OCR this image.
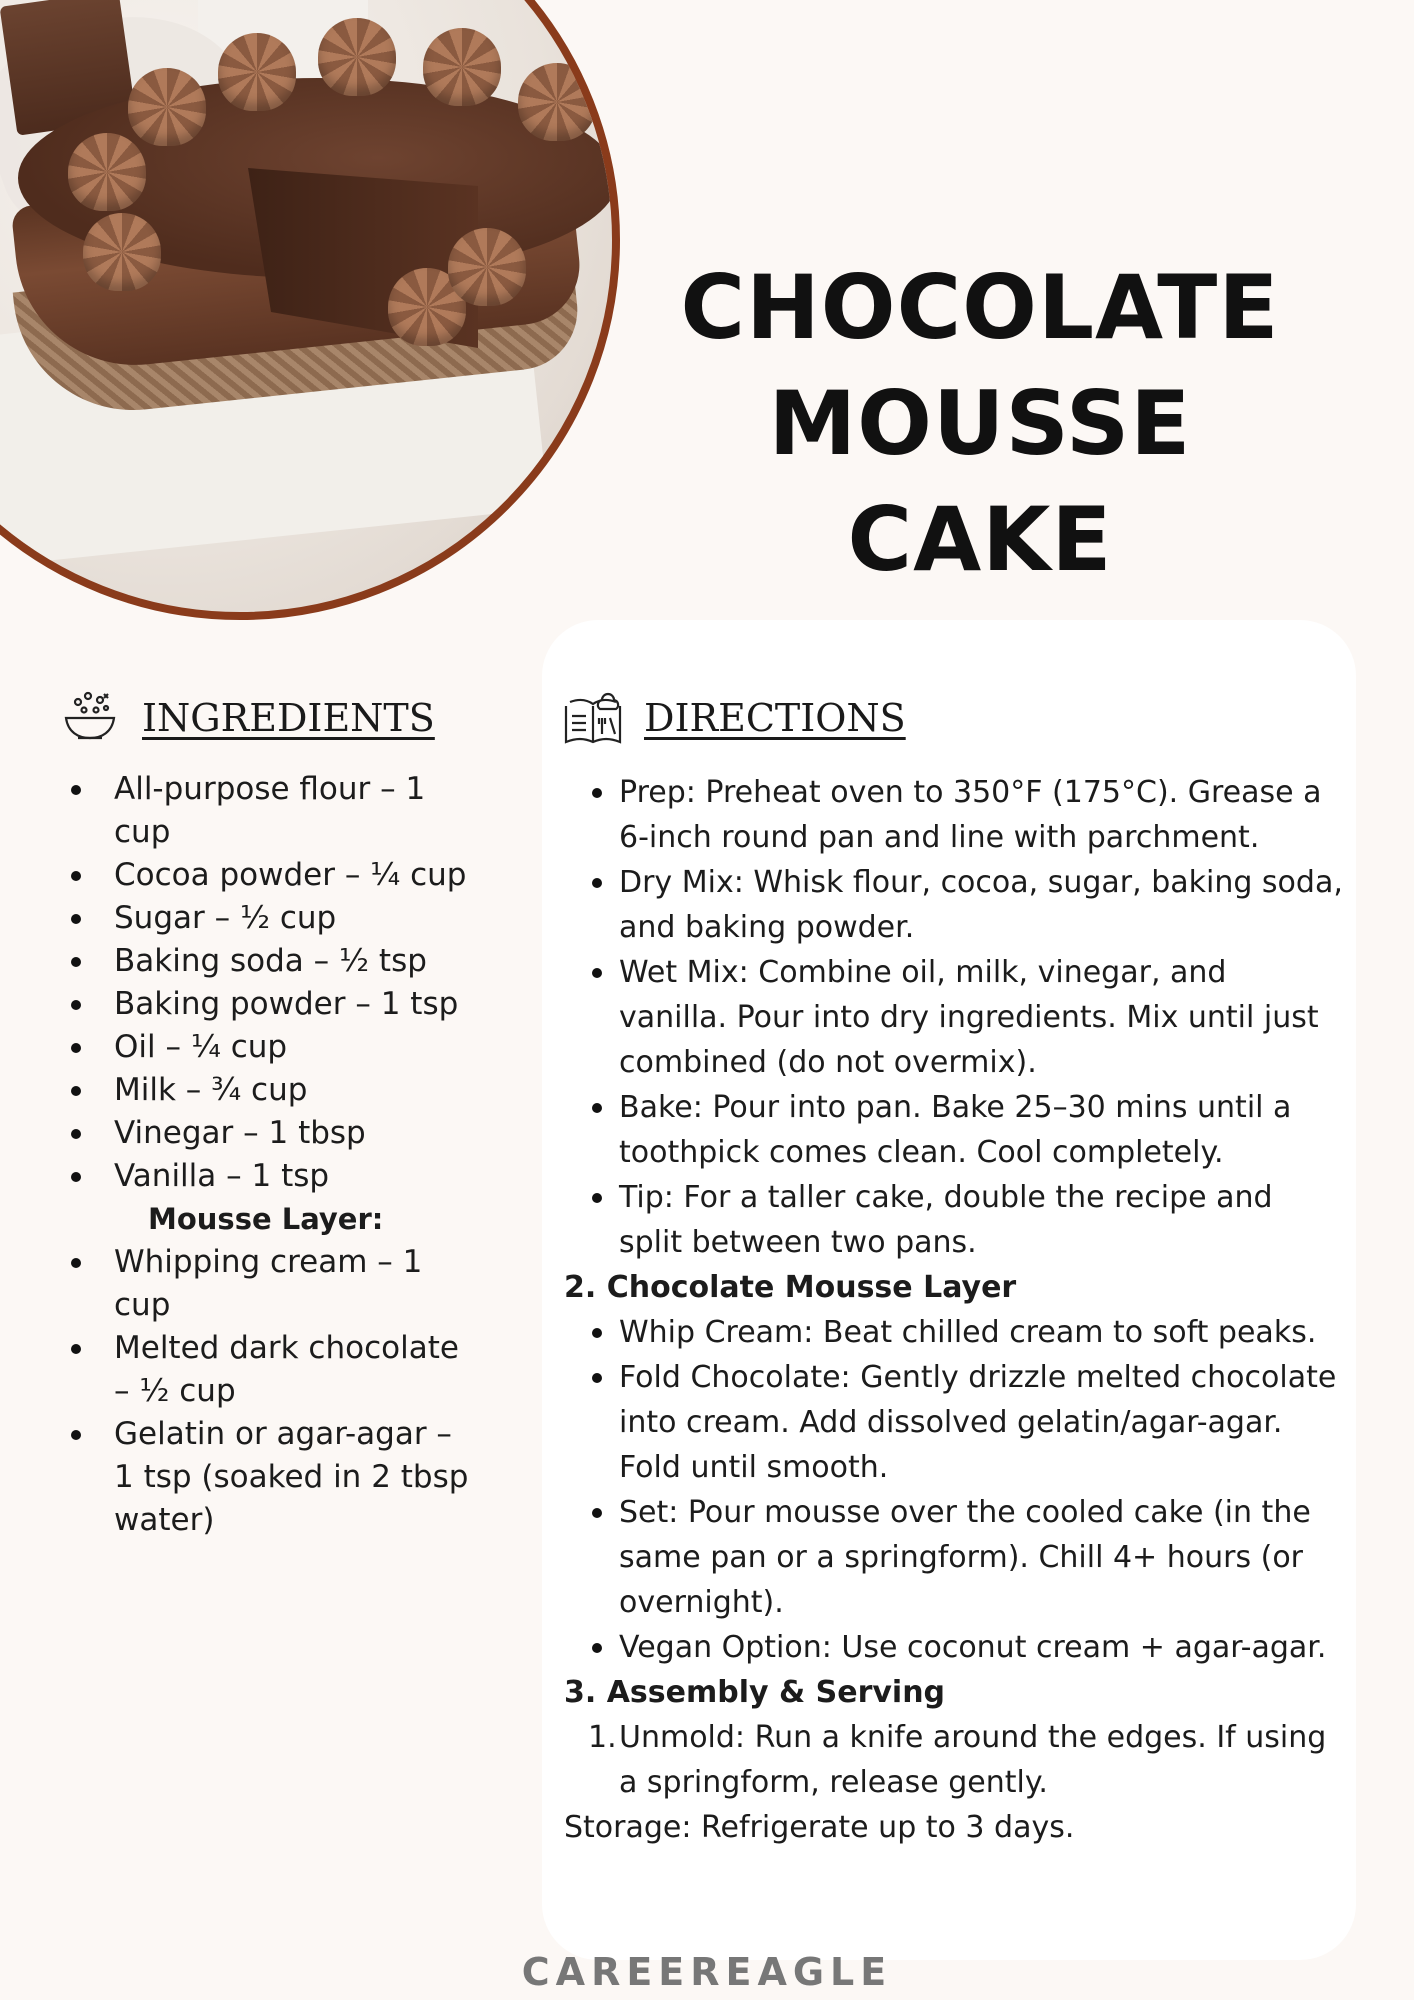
CHOCOLATE MOUSSE
CAKE
INGREDIENTS
All-purpose flour – 1 cup
Cocoa powder – ¼ cup
Sugar – ½ cup
Baking soda – ½ tsp
Baking powder – 1 tsp
Oil – ¼ cup
Milk – ¾ cup
Vinegar – 1 tbsp
Vanilla – 1 tsp
Mousse Layer:
Whipping cream – 1 cup
Melted dark chocolate – ½ cup
Gelatin or agar-agar – 1 tsp (soaked in 2 tbsp water)
DIRECTIONS
Prep: Preheat oven to 350°F (175°C). Grease a 6-inch round pan and line with parchment.
Dry Mix: Whisk flour, cocoa, sugar, baking soda, and baking powder.
Wet Mix: Combine oil, milk, vinegar, and vanilla. Pour into dry ingredients. Mix until just combined (do not overmix).
Bake: Pour into pan. Bake 25–30 mins until a toothpick comes clean. Cool completely.
Tip: For a taller cake, double the recipe and split between two pans.
2. Chocolate Mousse Layer
Whip Cream: Beat chilled cream to soft peaks.
Fold Chocolate: Gently drizzle melted chocolate into cream. Add dissolved gelatin/agar-agar. Fold until smooth.
Set: Pour mousse over the cooled cake (in the same pan or a springform). Chill 4+ hours (or overnight).
Vegan Option: Use coconut cream + agar-agar.
3. Assembly & Serving
1. Unmold: Run a knife around the edges. If using a springform, release gently.
Storage: Refrigerate up to 3 days.
CAREEREAGLE
